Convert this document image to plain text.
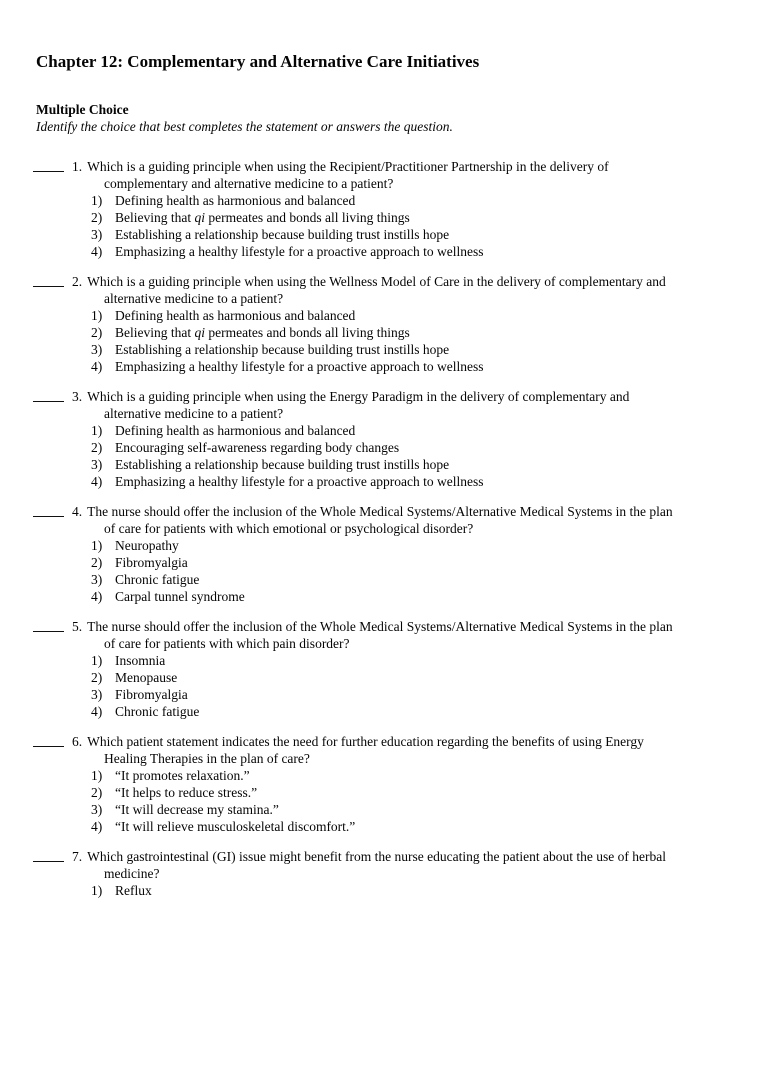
Chapter 12: Complementary and Alternative Care Initiatives
Multiple Choice
Identify the choice that best completes the statement or answers the question.
1. Which is a guiding principle when using the Recipient/Practitioner Partnership in the delivery of
complementary and alternative medicine to a patient?
1) Defining health as harmonious and balanced
2) Believing that qi permeates and bonds all living things
3) Establishing a relationship because building trust instills hope
4) Emphasizing a healthy lifestyle for a proactive approach to wellness
2. Which is a guiding principle when using the Wellness Model of Care in the delivery of complementary and
alternative medicine to a patient?
1) Defining health as harmonious and balanced
2) Believing that qi permeates and bonds all living things
3) Establishing a relationship because building trust instills hope
4) Emphasizing a healthy lifestyle for a proactive approach to wellness
3. Which is a guiding principle when using the Energy Paradigm in the delivery of complementary and
alternative medicine to a patient?
1) Defining health as harmonious and balanced
2) Encouraging self-awareness regarding body changes
3) Establishing a relationship because building trust instills hope
4) Emphasizing a healthy lifestyle for a proactive approach to wellness
4. The nurse should offer the inclusion of the Whole Medical Systems/Alternative Medical Systems in the plan
of care for patients with which emotional or psychological disorder?
1) Neuropathy
2) Fibromyalgia
3) Chronic fatigue
4) Carpal tunnel syndrome
5. The nurse should offer the inclusion of the Whole Medical Systems/Alternative Medical Systems in the plan
of care for patients with which pain disorder?
1) Insomnia
2) Menopause
3) Fibromyalgia
4) Chronic fatigue
6. Which patient statement indicates the need for further education regarding the benefits of using Energy
Healing Therapies in the plan of care?
1) “It promotes relaxation.”
2) “It helps to reduce stress.”
3) “It will decrease my stamina.”
4) “It will relieve musculoskeletal discomfort.”
7. Which gastrointestinal (GI) issue might benefit from the nurse educating the patient about the use of herbal
medicine?
1) Reflux
